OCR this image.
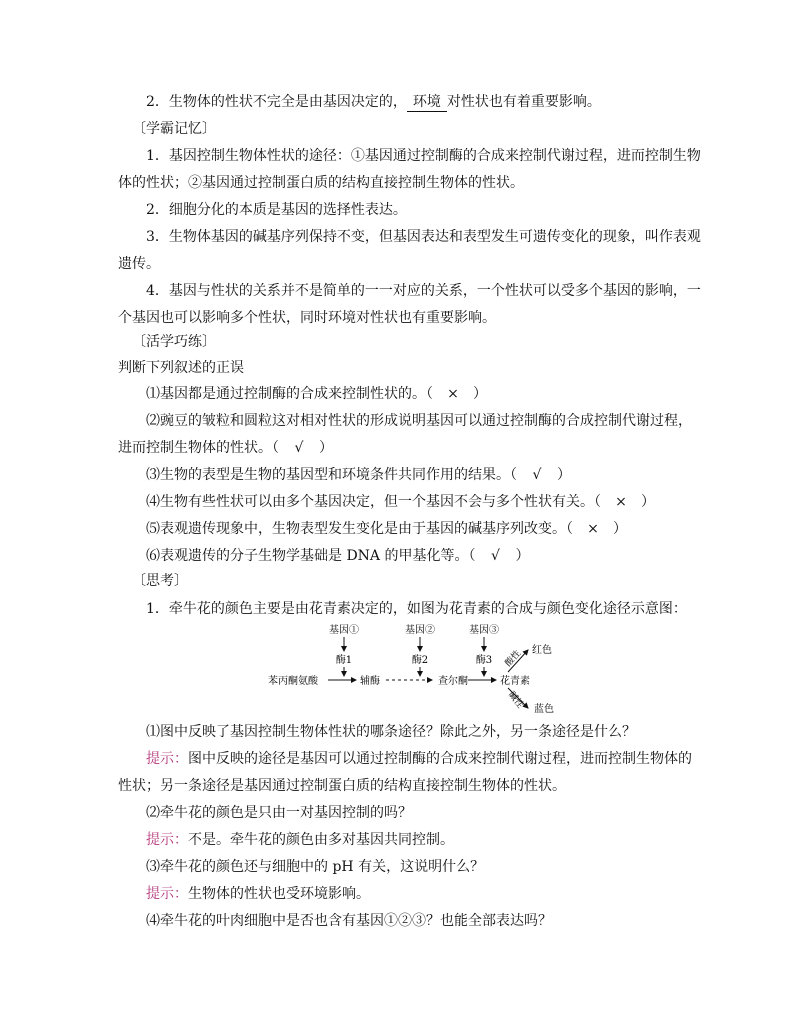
2．生物体的性状不完全是由基因决定的， 环境 对性状也有着重要影响。
〔学霸记忆〕
1．基因控制生物体性状的途径：①基因通过控制酶的合成来控制代谢过程，进而控制生物
体的性状；②基因通过控制蛋白质的结构直接控制生物体的性状。
2．细胞分化的本质是基因的选择性表达。
3．生物体基因的碱基序列保持不变，但基因表达和表型发生可遗传变化的现象，叫作表观
遗传。
4．基因与性状的关系并不是简单的一一对应的关系，一个性状可以受多个基因的影响，一
个基因也可以影响多个性状，同时环境对性状也有重要影响。
〔活学巧练〕
判断下列叙述的正误
⑴基因都是通过控制酶的合成来控制性状的。（ × ）
⑵豌豆的皱粒和圆粒这对相对性状的形成说明基因可以通过控制酶的合成控制代谢过程，
进而控制生物体的性状。（ √ ）
⑶生物的表型是生物的基因型和环境条件共同作用的结果。（ √ ）
⑷生物有些性状可以由多个基因决定，但一个基因不会与多个性状有关。（ × ）
⑸表观遗传现象中，生物表型发生变化是由于基因的碱基序列改变。（ × ）
⑹表观遗传的分子生物学基础是 DNA 的甲基化等。（ √ ）
〔思考〕
1．牵牛花的颜色主要是由花青素决定的，如图为花青素的合成与颜色变化途径示意图：
基因①	基因②	基因③
酶1	酶2	酶3
苯丙酮氨酸	辅酶	查尔酮	花青素
酸性 红色
碱性 蓝色
⑴图中反映了基因控制生物体性状的哪条途径？除此之外，另一条途径是什么？
提示：图中反映的途径是基因可以通过控制酶的合成来控制代谢过程，进而控制生物体的
性状；另一条途径是基因通过控制蛋白质的结构直接控制生物体的性状。
⑵牵牛花的颜色是只由一对基因控制的吗？
提示：不是。牵牛花的颜色由多对基因共同控制。
⑶牵牛花的颜色还与细胞中的 pH 有关，这说明什么？
提示：生物体的性状也受环境影响。
⑷牵牛花的叶肉细胞中是否也含有基因①②③？也能全部表达吗？
